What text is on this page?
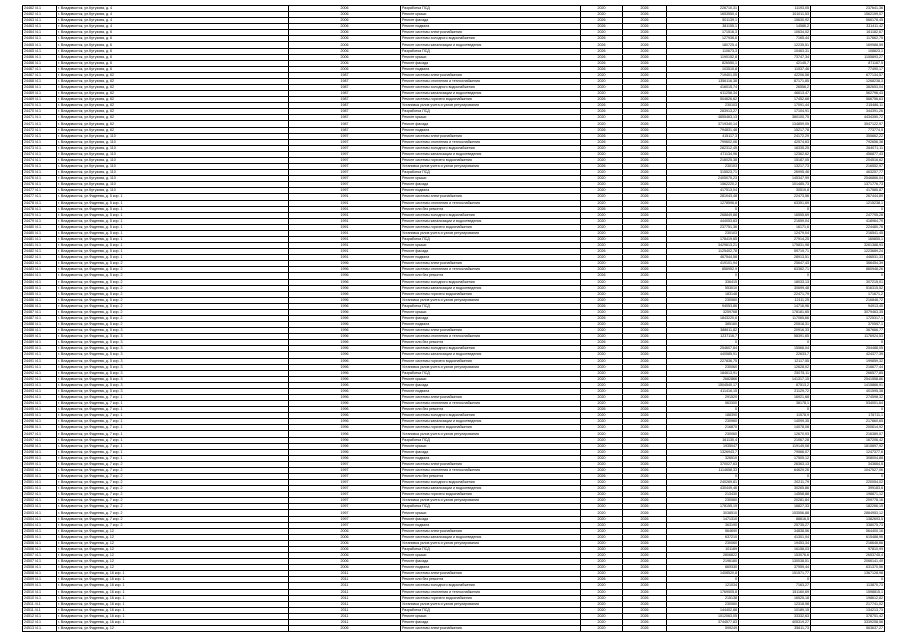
24462 /4.1	г. Владивосток, ул.Кутузова, д. 4	2006	Разработка ПСД	2020	2026	226710,31	11193,05	237641,36
24462 /4.1	г. Владивосток, ул.Кутузова, д. 4	2006	Ремонт крыши	2020	2026	1653550,4	101011,53	1562199,07
24463 /4.1	г. Владивосток, ул.Кутузова, д. 4	2006	Ремонт фасада	2026	2026	501139,1	15630,92	566178,45
24463 /4.1	г. Владивосток, ул.Кутузова, д. 4	2006	Ремонт подвала	2026	2026	381155,1	14586,2	331411,42
24464 /4.1	г. Владивосток, ул.Кутузова, д. 6	2006	Ремонт системы электроснабжения	2020	2026	171516,3	10634,02	161182,67
24464 /4.1	г. Владивосток, ул.Кутузова, д. 6	2006	Ремонт системы холодного водоснабжения	2026	2026	127936,6	7165,44	117662,75
24465 /4.1	г. Владивосток, ул.Кутузова, д. 6	2006	Ремонт системы канализации и водоотведения	2026	2026	180725,4	12235,51	169988,59
24465 /4.1	г. Владивосток, ул.Кутузова, д. 6	2006	Разработка ПСД	2026	2026	110673,3	10463,31	108823,1
24466 /4.1	г. Владивосток, ул.Кутузова, д. 6	2006	Ремонт крыши	2026	2026	1190152,8	73747,34	1155893,27
24466 /4.1	г. Владивосток, ул.Кутузова, д. 6	2006	Ремонт фасада	2026	2026	826550,1	42145,7	871167,5
24467 /4.1	г. Владивосток, ул.Кутузова, д. 6	2006	Ремонт подвала	2026	2026	103510,8	11537,46	77490,17
24467 /4.1	г. Владивосток, ул.Кутузова, д. 62	1987	Ремонт системы электроснабжения	2020	2026	719401,05	42206,58	677134,57
24468 /4.1	г. Владивосток, ул.Кутузова, д. 62	1987	Ремонт системы отопления и теплоснабжения	2020	2026	1356116,38	87171,85	1268238,3
24468 /4.1	г. Владивосток, ул.Кутузова, д. 62	1987	Ремонт системы холодного водоснабжения	2020	2026	416015,74	26556,2	382653,04
24469 /4.1	г. Владивосток, ул.Кутузова, д. 62	1987	Ремонт системы канализации и водоотведения	2020	2026	611258,34	46613,47	562796,43
24469 /4.1	г. Владивосток, ул.Кутузова, д. 62	1987	Ремонт системы горячего водоснабжения	2026	2026	504626,62	17452,68	566756,63
24470 /4.1	г. Владивосток, ул.Кутузова, д. 62	1987	Установка узлов учета и узлов регулирования	2026	2026	230103	17091,44	215486,11
24470 /4.1	г. Владивосток, ул.Кутузова, д. 62	1987	Разработка ПСД	2026	2026	283913,27	17104,91	344391,26
24471 /4.1	г. Владивосток, ул.Кутузова, д. 62	1987	Ремонт крыши	2020	2026	4855463,13	380100,75	4434350,72
24471 /4.1	г. Владивосток, ул.Кутузова, д. 62	1987	Ремонт фасада	2020	2026	3719340,14	134859,05	3547122,97
24472 /4.1	г. Владивосток, ул.Кутузова, д. 62	1987	Ремонт подвала	2026	2026	794831,48	15217,78	773774,5
24472 /4.1	г. Владивосток, ул.Кутузова, д. 110	1997	Ремонт системы электроснабжения	2026	2026	415117,3	24172,29	355862,22
24473 /4.1	г. Владивосток, ул.Кутузова, д. 110	1997	Ремонт системы отопления и теплоснабжения	2026	2026	799602,06	42574,63	792656,38
24473 /4.1	г. Владивосток, ул.Кутузова, д. 110	1997	Ремонт системы холодного водоснабжения	2020	2026	282312,45	18335,25	264071,11
24474 /4.1	г. Владивосток, ул.Кутузова, д. 110	1997	Ремонт системы канализации и водоотведения	2020	2026	471134,96	12362,62	456877,43
24474 /4.1	г. Владивосток, ул.Кутузова, д. 110	1997	Ремонт системы горячего водоснабжения	2020	2026	216025,38	15187,05	204516,62
24475 /4.1	г. Владивосток, ул.Кутузова, д. 110	1997	Установка узлов учета и узлов регулирования	2026	2026	230103	13217,73	216552,97
24475 /4.1	г. Владивосток, ул.Кутузова, д. 110	1997	Разработка ПСД	2020	2026	315523,71	26995,46	463257,77
24476 /4.1	г. Владивосток, ул.Кутузова, д. 110	1997	Ремонт крыши	2020	2026	2405075,23	145347,99	2546866,04
24476 /4.1	г. Владивосток, ул.Кутузова, д. 110	1997	Ремонт фасада	2020	2026	1562220,2	101485,73	1371776,73
24477 /4.1	г. Владивосток, ул.Кутузова, д. 110	1997	Ремонт подвала	2020	2026	417513,04	30519,8	417585,87
24477 /4.1	г. Владивосток, ул.Фадеева, д. 5 кор. 1	1991	Ремонт системы электроснабжения	2020	2026	281043,48	22473,56	267444,89
24478 /4.1	г. Владивосток, ул.Фадеева, д. 5 кор. 1	1991	Ремонт системы отопления и теплоснабжения	2020	2026	1278596,8	63351,69	1215238,1
24478 /4.1	г. Владивосток, ул.Фадеева, д. 5 кор. 1	1991	Ремонт или без ремонта	2026	2026	0	0	0
24479 /4.1	г. Владивосток, ул.Фадеева, д. 5 кор. 1	1991	Ремонт системы холодного водоснабжения	2020	2026	268849,88	16555,69	247795,28
24479 /4.1	г. Владивосток, ул.Фадеева, д. 5 кор. 1	1991	Ремонт системы канализации и водоотведения	2020	2026	444053,83	21659,04	418964,79
24480 /4.1	г. Владивосток, ул.Фадеева, д. 5 кор. 1	1991	Ремонт системы горячего водоснабжения	2020	2026	237751,36	16171,6	224480,78
24480 /4.1	г. Владивосток, ул.Фадеева, д. 5 кор. 1	1991	Установка узлов учета и узлов регулирования	2020	2026	230103	12479,04	216541,45
24481 /4.1	г. Владивосток, ул.Фадеева, д. 5 кор. 1	1991	Разработка ПСД	2020	2026	178419,65	27914,25	165855,1
24481 /4.1	г. Владивосток, ул.Фадеева, д. 5 кор. 1	1991	Ремонт крыши	2020	2026	3429613,21	175831,98	3261388,93
24482 /4.1	г. Владивосток, ул.Фадеева, д. 5 кор. 1	1991	Ремонт фасада	2026	2026	1125402,78	59719,71	1223689,24
24482 /4.1	г. Владивосток, ул.Фадеева, д. 5 кор. 1	1991	Ремонт подвала	2020	2026	467544,58	28913,51	446531,33
24483 /4.1	г. Владивосток, ул.Фадеева, д. 5 кор. 2	1996	Ремонт системы электроснабжения	2020	2026	419101,94	25647,43	366454,39
24483 /4.1	г. Владивосток, ул.Фадеева, д. 5 кор. 2	1996	Ремонт системы отопления и теплоснабжения	2020	2026	856952,9	63362,71	860948,26
24484 /4.1	г. Владивосток, ул.Фадеева, д. 5 кор. 2	1996	Ремонт или без ремонта	2026	2026	0	0	0
24484 /4.1	г. Владивосток, ул.Фадеева, д. 5 кор. 2	1996	Ремонт системы холодного водоснабжения	2020	2026	336415	18033,13	307215,01
24485 /4.1	г. Владивосток, ул.Фадеева, д. 5 кор. 2	1996	Ремонт системы канализации и водоотведения	2020	2026	553010	30699,48	516315,52
24485 /4.1	г. Владивосток, ул.Фадеева, д. 5 кор. 2	1996	Ремонт системы горячего водоснабжения	2020	2026	183148	22471,79	171671,2
24486 /4.1	г. Владивосток, ул.Фадеева, д. 5 кор. 2	1996	Установка узлов учета и узлов регулирования	2020	2026	230060	12111,25	216848,72
24486 /4.1	г. Владивосток, ул.Фадеева, д. 5 кор. 2	1996	Разработка ПСД	2026	2026	94053,86	14716,96	94913,45
24487 /4.1	г. Владивосток, ул.Фадеева, д. 5 кор. 2	1996	Ремонт крыши	2020	2026	3259768	178181,65	3079463,35
24487 /4.1	г. Владивосток, ул.Фадеева, д. 5 кор. 2	1996	Ремонт фасада	2026	2026	1843220,6	117065,66	1725317,1
24488 /4.1	г. Владивосток, ул.Фадеева, д. 5 кор. 2	1996	Ремонт подвала	2020	2026	385160	20518,31	370557,1
24488 /4.1	г. Владивосток, ул.Фадеева, д. 5 кор. 3	1996	Ремонт системы электроснабжения	2020	2026	388611,82	20916,33	367666,77
24489 /4.1	г. Владивосток, ул.Фадеева, д. 5 кор. 3	1996	Ремонт системы отопления и теплоснабжения	2020	2026	1237116,7	58391,65	1176924,53
24489 /4.1	г. Владивосток, ул.Фадеева, д. 5 кор. 3	1996	Ремонт или без ремонта	2026	2026	0	0	0
24490 /4.1	г. Владивосток, ул.Фадеева, д. 5 кор. 3	1996	Ремонт системы холодного водоснабжения	2020	2026	254607,84	15566,04	254488,05
24490 /4.1	г. Владивосток, ул.Фадеева, д. 5 кор. 3	1996	Ремонт системы канализации и водоотведения	2020	2026	440585,91	22633,7	424377,39
24491 /4.1	г. Владивосток, ул.Фадеева, д. 5 кор. 3	1996	Ремонт системы горячего водоснабжения	2020	2026	227836,75	12117,55	199859,32
24491 /4.1	г. Владивосток, ул.Фадеева, д. 5 кор. 3	1996	Установка узлов учета и узлов регулирования	2020	2026	230060	12628,02	216677,44
24492 /4.1	г. Владивосток, ул.Фадеева, д. 5 кор. 3	1996	Разработка ПСД	2020	2026	184613,91	25075,11	266577,85
24492 /4.1	г. Владивосток, ул.Фадеева, д. 5 кор. 3	1996	Ремонт крыши	2020	2026	2682866	141317,15	2541558,86
24493 /4.1	г. Владивосток, ул.Фадеева, д. 5 кор. 3	1996	Ремонт фасада	2020	2026	1504540,17	87513,2	1415866,91
24493 /4.1	г. Владивосток, ул.Фадеева, д. 5 кор. 3	1996	Ремонт подвала	2020	2026	411416,15	21129,72	401595,38
24494 /4.1	г. Владивосток, ул.Фадеева, д. 7 кор. 1	1996	Ремонт системы электроснабжения	2020	2026	291520	16921,68	274598,32
24494 /4.1	г. Владивосток, ул.Фадеева, д. 7 кор. 1	1996	Ремонт системы отопления и теплоснабжения	2020	2026	563300	38178,1	534001,64
24495 /4.1	г. Владивосток, ул.Фадеева, д. 7 кор. 1	1996	Ремонт или без ремонта	2026	2026	0	0	0
24495 /4.1	г. Владивосток, ул.Фадеева, д. 7 кор. 1	1996	Ремонт системы холодного водоснабжения	2020	2026	188390	11578,9	176711,1
24496 /4.1	г. Владивосток, ул.Фадеева, д. 7 кор. 1	1996	Ремонт системы канализации и водоотведения	2020	2026	230960	14099,35	217860,65
24496 /4.1	г. Владивосток, ул.Фадеева, д. 7 кор. 1	1996	Ремонт системы горячего водоснабжения	2020	2026	216870	14078,08	200614,92
24497 /4.1	г. Владивосток, ул.Фадеева, д. 7 кор. 1	1996	Установка узлов учета и узлов регулирования	2020	2026	230060	12670,93	216389,07
24497 /4.1	г. Владивосток, ул.Фадеева, д. 7 кор. 1	1996	Разработка ПСД	2020	2026	161130,4	21067,28	167206,42
24498 /4.1	г. Владивосток, ул.Фадеева, д. 7 кор. 1	1996	Ремонт крыши	2020	2026	1935047	119149,08	1815897,92
24498 /4.1	г. Владивосток, ул.Фадеева, д. 7 кор. 1	1996	Ремонт фасада	2020	2026	1326943,7	79566,07	1247377,6
24499 /4.1	г. Владивосток, ул.Фадеева, д. 7 кор. 1	1996	Ремонт подвала	2020	2026	326510	17505,12	308004,88
24499 /4.1	г. Владивосток, ул.Фадеева, д. 7 кор. 2	1997	Ремонт системы электроснабжения	2020	2026	370027,63	26363,13	343664,5
24500 /4.1	г. Владивосток, ул.Фадеева, д. 7 кор. 2	1997	Ремонт системы отопления и теплоснабжения	2020	2026	1114658,33	64629,26	1047527,06
24500 /4.1	г. Владивосток, ул.Фадеева, д. 7 кор. 2	1997	Ремонт или без ремонта	2026	2026	0	0	0
24501 /4.1	г. Владивосток, ул.Фадеева, д. 7 кор. 2	1997	Ремонт системы холодного водоснабжения	2020	2026	240269,81	20211,79	220054,02
24501 /4.1	г. Владивосток, ул.Фадеева, д. 7 кор. 2	1997	Ремонт системы канализации и водоотведения	2020	2026	430449,46	30265,86	399183,6
24502 /4.1	г. Владивосток, ул.Фадеева, д. 7 кор. 2	1997	Ремонт системы горячего водоснабжения	2020	2026	213430	14558,88	198871,12
24502 /4.1	г. Владивосток, ул.Фадеева, д. 7 кор. 2	1997	Установка узлов учета и узлов регулирования	2020	2026	230060	20281,84	209778,16
24503 /4.1	г. Владивосток, ул.Фадеева, д. 7 кор. 2	1997	Разработка ПСД	2020	2026	178155,19	16827,33	182266,15
24503 /4.1	г. Владивосток, ул.Фадеева, д. 7 кор. 2	1997	Ремонт крыши	2020	2026	3038510	153556,88	2884953,12
24504 /4.1	г. Владивосток, ул.Фадеева, д. 7 кор. 2	1997	Ремонт фасада	2020	2026	1471310	88616,5	1382693,5
24504 /4.1	г. Владивосток, ул.Фадеева, д. 7 кор. 2	1997	Ремонт подвала	2020	2026	363190	25735,27	338075,73
24505 /4.1	г. Владивосток, ул.Фадеева, д. 12	2006	Ремонт системы электроснабжения	2020	2026	564690	34838,56	564400,16
24505 /4.1	г. Владивосток, ул.Фадеева, д. 12	2006	Ремонт системы канализации и водоотведения	2020	2026	637210	41301,04	615488,96
24506 /4.1	г. Владивосток, ул.Фадеева, д. 12	2006	Установка узлов учета и узлов регулирования	2020	2026	230060	19453,34	216646,66
24506 /4.1	г. Владивосток, ул.Фадеева, д. 12	2006	Разработка ПСД	2020	2026	101169	16158,03	97810,99
24507 /4.1	г. Владивосток, ул.Фадеева, д. 12	2006	Ремонт крыши	2020	2026	2806822	153076,6	2653745,4
24507 /4.1	г. Владивосток, ул.Фадеева, д. 12	2006	Ремонт фасада	2020	2026	2196180	130038,51	2066141,49
24508 /4.1	г. Владивосток, ул.Фадеева, д. 12	2006	Ремонт подвала	2020	2026	669330	37959,44	631370,56
24508 /4.1	г. Владивосток, ул.Фадеева, д. 16 кор. 1	2011	Ремонт системы электроснабжения	2020	2026	1408520,8	151571,77	1367128,98
24509 /4.1	г. Владивосток, ул.Фадеева, д. 16 кор. 1	2011	Ремонт или без ремонта	2026	2026	0	0	0
24509 /4.1	г. Владивосток, ул.Фадеева, д. 16 кор. 1	2011	Ремонт системы холодного водоснабжения	2020	2026	121034	7163,27	113870,73
24510 /4.1	г. Владивосток, ул.Фадеева, д. 16 кор. 1	2011	Ремонт системы отопления и теплоснабжения	2020	2026	1769505,8	151160,69	1598815,1
24510 /4.1	г. Владивосток, ул.Фадеева, д. 16 кор. 1	2011	Ремонт системы горячего водоснабжения	2020	2026	215138	16525,18	198612,82
24511 /4.1	г. Владивосток, ул.Фадеева, д. 16 кор. 1	2011	Установка узлов учета и узлов регулирования	2020	2026	230060	12318,98	217741,02
24511 /4.1	г. Владивосток, ул.Фадеева, д. 16 кор. 1	2011	Разработка ПСД	2020	2026	144402,88	10189,15	134213,73
24512 /4.1	г. Владивосток, ул.Фадеева, д. 16 кор. 1	2011	Ремонт крыши	2020	2026	1012063,05	33332,63	378751,42
24512 /4.1	г. Владивосток, ул.Фадеева, д. 16 кор. 1	2011	Ремонт фасада	2020	2026	3744577,83	405319,27	3339258,56
24513 /4.1	г. Владивосток, ул.Фадеева, д. 12	2006	Ремонт системы электроснабжения	2020	2026	599249	35611,73	563637,27
